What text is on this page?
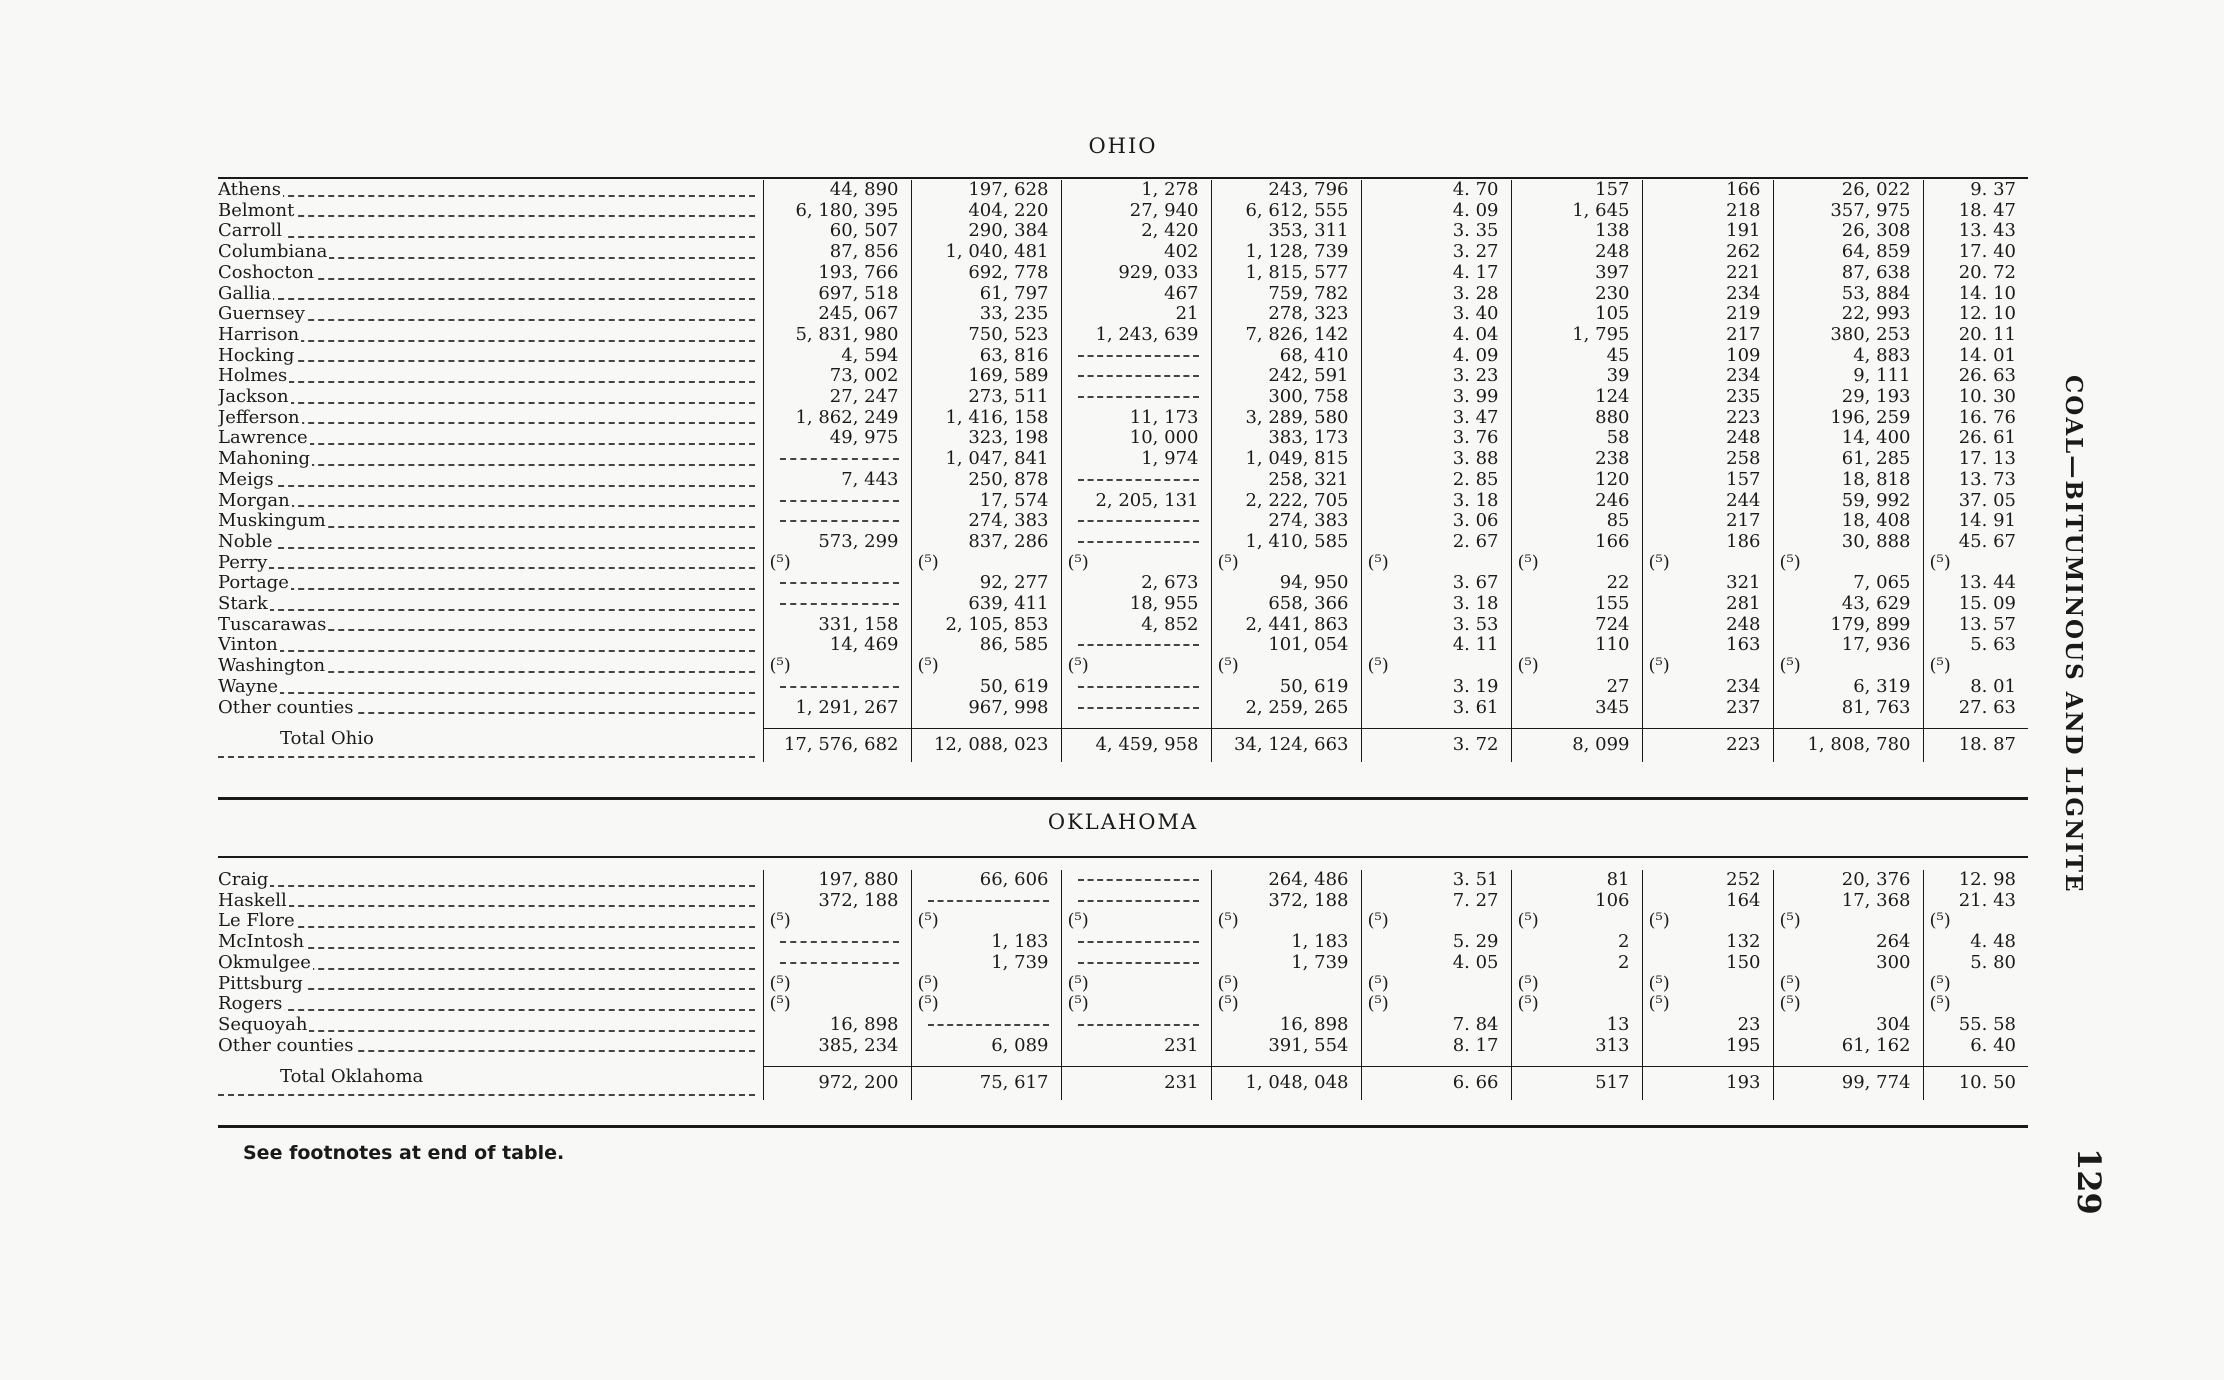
OHIO
Athens	44, 890	197, 628	1, 278	243, 796	4. 70	157	166	26, 022	9. 37
Belmont	6, 180, 395	404, 220	27, 940	6, 612, 555	4. 09	1, 645	218	357, 975	18. 47
Carroll	60, 507	290, 384	2, 420	353, 311	3. 35	138	191	26, 308	13. 43
Columbiana	87, 856	1, 040, 481	402	1, 128, 739	3. 27	248	262	64, 859	17. 40
Coshocton	193, 766	692, 778	929, 033	1, 815, 577	4. 17	397	221	87, 638	20. 72
Gallia	697, 518	61, 797	467	759, 782	3. 28	230	234	53, 884	14. 10
Guernsey	245, 067	33, 235	21	278, 323	3. 40	105	219	22, 993	12. 10
Harrison	5, 831, 980	750, 523	1, 243, 639	7, 826, 142	4. 04	1, 795	217	380, 253	20. 11
Hocking	4, 594	63, 816		68, 410	4. 09	45	109	4, 883	14. 01
Holmes	73, 002	169, 589		242, 591	3. 23	39	234	9, 111	26. 63
Jackson	27, 247	273, 511		300, 758	3. 99	124	235	29, 193	10. 30
Jefferson	1, 862, 249	1, 416, 158	11, 173	3, 289, 580	3. 47	880	223	196, 259	16. 76
Lawrence	49, 975	323, 198	10, 000	383, 173	3. 76	58	248	14, 400	26. 61
Mahoning		1, 047, 841	1, 974	1, 049, 815	3. 88	238	258	61, 285	17. 13
Meigs	7, 443	250, 878		258, 321	2. 85	120	157	18, 818	13. 73
Morgan		17, 574	2, 205, 131	2, 222, 705	3. 18	246	244	59, 992	37. 05
Muskingum		274, 383		274, 383	3. 06	85	217	18, 408	14. 91
Noble	573, 299	837, 286		1, 410, 585	2. 67	166	186	30, 888	45. 67
Perry	(⁵)	(⁵)	(⁵)	(⁵)	(⁵)	(⁵)	(⁵)	(⁵)	(⁵)
Portage		92, 277	2, 673	94, 950	3. 67	22	321	7, 065	13. 44
Stark		639, 411	18, 955	658, 366	3. 18	155	281	43, 629	15. 09
Tuscarawas	331, 158	2, 105, 853	4, 852	2, 441, 863	3. 53	724	248	179, 899	13. 57
Vinton	14, 469	86, 585		101, 054	4. 11	110	163	17, 936	5. 63
Washington	(⁵)	(⁵)	(⁵)	(⁵)	(⁵)	(⁵)	(⁵)	(⁵)	(⁵)
Wayne		50, 619		50, 619	3. 19	27	234	6, 319	8. 01
Other counties	1, 291, 267	967, 998		2, 259, 265	3. 61	345	237	81, 763	27. 63

Total Ohio	17, 576, 682	12, 088, 023	4, 459, 958	34, 124, 663	3. 72	8, 099	223	1, 808, 780	18. 87
OKLAHOMA
Craig	197, 880	66, 606		264, 486	3. 51	81	252	20, 376	12. 98
Haskell	372, 188			372, 188	7. 27	106	164	17, 368	21. 43
Le Flore	(⁵)	(⁵)	(⁵)	(⁵)	(⁵)	(⁵)	(⁵)	(⁵)	(⁵)
McIntosh		1, 183		1, 183	5. 29	2	132	264	4. 48
Okmulgee		1, 739		1, 739	4. 05	2	150	300	5. 80
Pittsburg	(⁵)	(⁵)	(⁵)	(⁵)	(⁵)	(⁵)	(⁵)	(⁵)	(⁵)
Rogers	(⁵)	(⁵)	(⁵)	(⁵)	(⁵)	(⁵)	(⁵)	(⁵)	(⁵)
Sequoyah	16, 898			16, 898	7. 84	13	23	304	55. 58
Other counties	385, 234	6, 089	231	391, 554	8. 17	313	195	61, 162	6. 40

Total Oklahoma	972, 200	75, 617	231	1, 048, 048	6. 66	517	193	99, 774	10. 50
See footnotes at end of table.
COAL—BITUMINOUS AND LIGNITE
129
